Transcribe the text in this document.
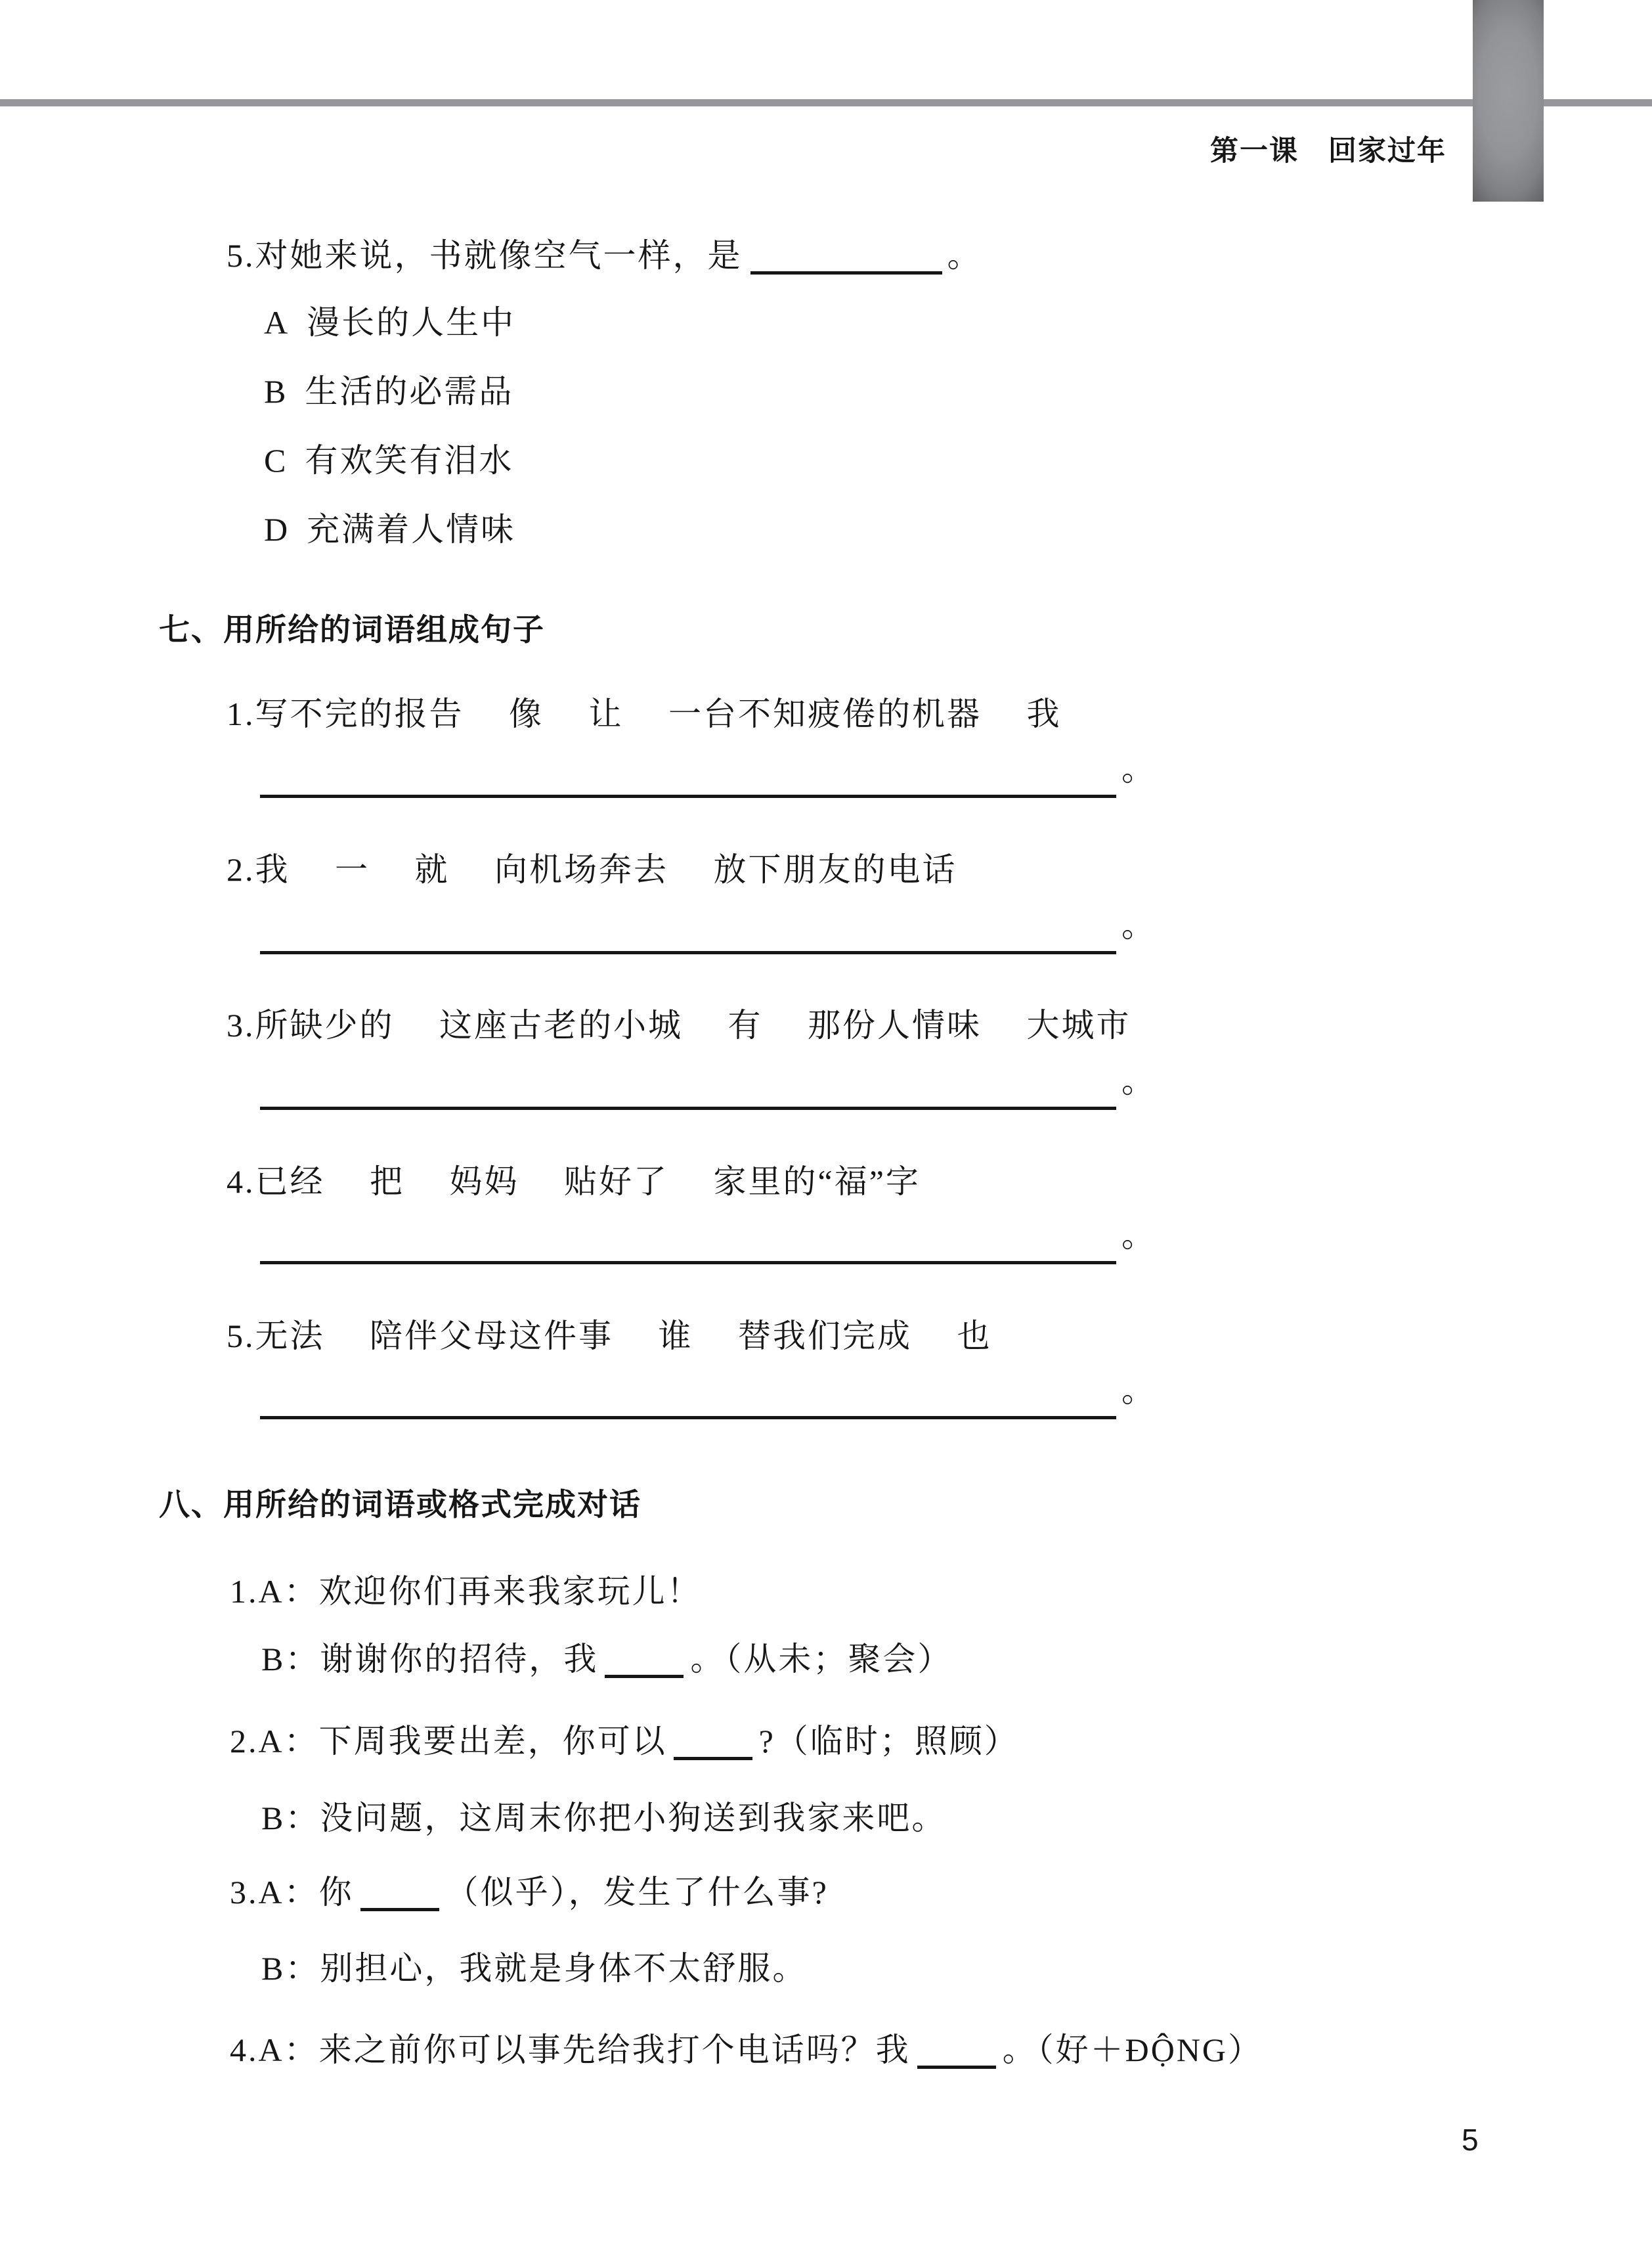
第一课　回家过年
5.对她来说，书就像空气一样，是	。
A 漫长的人生中
B 生活的必需品
C 有欢笑有泪水
D 充满着人情味
七、用所给的词语组成句子
1.写不完的报告　 像　 让　 一台不知疲倦的机器　 我
。
2.我　 一　 就　 向机场奔去　 放下朋友的电话
。
3.所缺少的　 这座古老的小城　 有　 那份人情味　 大城市
。
4.已经　 把　 妈妈　 贴好了　 家里的“福”字
。
5.无法　 陪伴父母这件事　 谁　 替我们完成　 也
。
八、用所给的词语或格式完成对话
1.A：欢迎你们再来我家玩儿！
B： 谢谢你的招待，我	。（从未；聚会）
2.A： 下周我要出差，你可以	?（临时；照顾）
B：没问题，这周末你把小狗送到我家来吧。
3.A： 你	（似乎），发生了什么事?
B：别担心，我就是身体不太舒服。
4.A： 来之前你可以事先给我打个电话吗？我	。（好＋ĐỘNG）
5
